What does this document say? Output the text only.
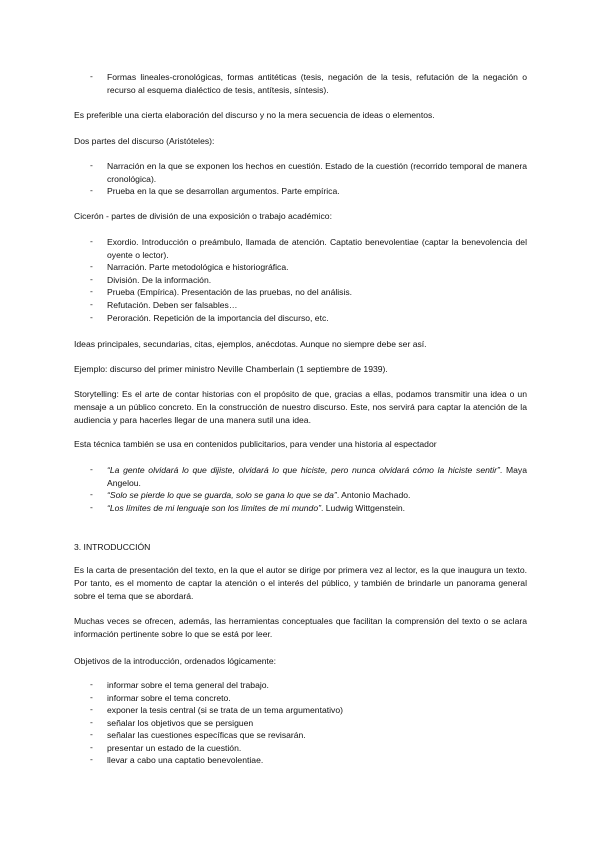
- Formas lineales-cronológicas, formas antitéticas (tesis, negación de la tesis, refutación de la negación o recurso al esquema dialéctico de tesis, antítesis, síntesis).

Es preferible una cierta elaboración del discurso y no la mera secuencia de ideas o elementos.

Dos partes del discurso (Aristóteles):

- Narración en la que se exponen los hechos en cuestión. Estado de la cuestión (recorrido temporal de manera cronológica).
- Prueba en la que se desarrollan argumentos. Parte empírica.

Cicerón - partes de división de una exposición o trabajo académico:

- Exordio. Introducción o preámbulo, llamada de atención. Captatio benevolentiae (captar la benevolencia del oyente o lector).
- Narración. Parte metodológica e historiográfica.
- División. De la información.
- Prueba (Empírica). Presentación de las pruebas, no del análisis.
- Refutación. Deben ser falsables…
- Peroración. Repetición de la importancia del discurso, etc.

Ideas principales, secundarias, citas, ejemplos, anécdotas. Aunque no siempre debe ser así.

Ejemplo: discurso del primer ministro Neville Chamberlain (1 septiembre de 1939).

Storytelling: Es el arte de contar historias con el propósito de que, gracias a ellas, podamos transmitir una idea o un mensaje a un público concreto. En la construcción de nuestro discurso. Este, nos servirá para captar la atención de la audiencia y para hacerles llegar de una manera sutil una idea.

Esta técnica también se usa en contenidos publicitarios, para vender una historia al espectador

- “La gente olvidará lo que dijiste, olvidará lo que hiciste, pero nunca olvidará cómo la hiciste sentir”. Maya Angelou.
- “Solo se pierde lo que se guarda, solo se gana lo que se da”. Antonio Machado.
- “Los límites de mi lenguaje son los límites de mi mundo”. Ludwig Wittgenstein.

3. INTRODUCCIÓN

Es la carta de presentación del texto, en la que el autor se dirige por primera vez al lector, es la que inaugura un texto. Por tanto, es el momento de captar la atención o el interés del público, y también de brindarle un panorama general sobre el tema que se abordará.

Muchas veces se ofrecen, además, las herramientas conceptuales que facilitan la comprensión del texto o se aclara información pertinente sobre lo que se está por leer.

Objetivos de la introducción, ordenados lógicamente:

- informar sobre el tema general del trabajo.
- informar sobre el tema concreto.
- exponer la tesis central (si se trata de un tema argumentativo)
- señalar los objetivos que se persiguen
- señalar las cuestiones específicas que se revisarán.
- presentar un estado de la cuestión.
- llevar a cabo una captatio benevolentiae.
